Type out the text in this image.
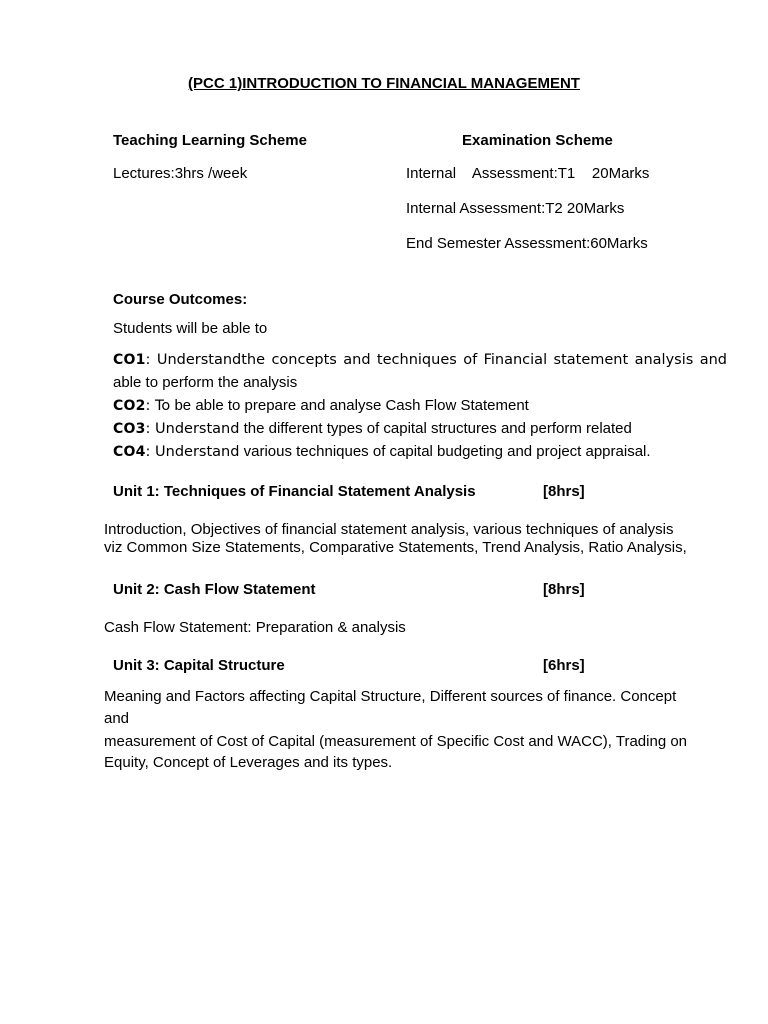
(PCC 1)INTRODUCTION TO FINANCIAL MANAGEMENT
Teaching Learning Scheme	Examination Scheme
Lectures:3hrs /week	Internal    Assessment:T1    20Marks
Internal Assessment:T2 20Marks
End Semester Assessment:60Marks
Course Outcomes:
Students will be able to
CO1: Understandthe concepts and techniques of Financial statement analysis and
able to perform the analysis
CO2: To be able to prepare and analyse Cash Flow Statement
CO3: Understand the different types of capital structures and perform related
CO4: Understand various techniques of capital budgeting and project appraisal.
Unit 1: Techniques of Financial Statement Analysis	[8hrs]
Introduction, Objectives of financial statement analysis, various techniques of analysis
viz Common Size Statements, Comparative Statements, Trend Analysis, Ratio Analysis,
Unit 2: Cash Flow Statement	[8hrs]
Cash Flow Statement: Preparation & analysis
Unit 3: Capital Structure	[6hrs]
Meaning and Factors affecting Capital Structure, Different sources of finance. Concept
and
measurement of Cost of Capital (measurement of Specific Cost and WACC), Trading on
Equity, Concept of Leverages and its types.
